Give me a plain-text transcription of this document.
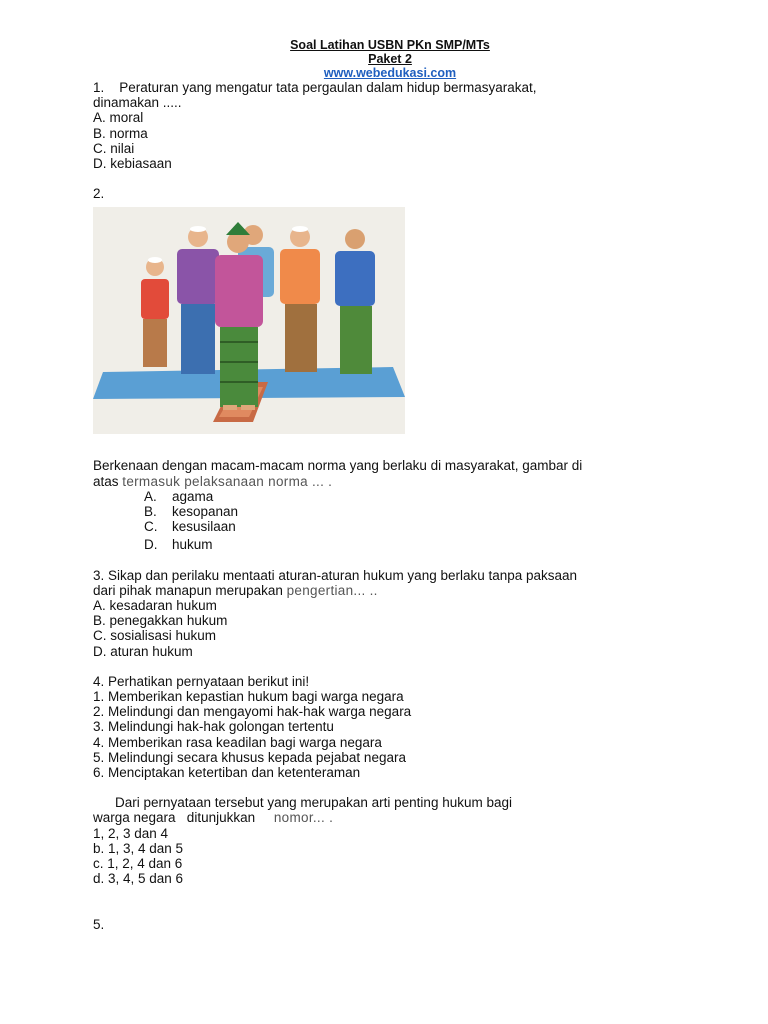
Soal Latihan USBN PKn SMP/MTs
Paket 2
www.webedukasi.com
1. Peraturan yang mengatur tata pergaulan dalam hidup bermasyarakat,
dinamakan .....
A. moral
B. norma
C. nilai
D. kebiasaan
2.
Berkenaan dengan macam-macam norma yang berlaku di masyarakat, gambar di
atas termasuk pelaksanaan norma ... .
A. agama
B. kesopanan
C. kesusilaan
D. hukum
3. Sikap dan perilaku mentaati aturan-aturan hukum yang berlaku tanpa paksaan
dari pihak manapun merupakan pengertian... ..
A. kesadaran hukum
B. penegakkan hukum
C. sosialisasi hukum
D. aturan hukum
4. Perhatikan pernyataan berikut ini!
1. Memberikan kepastian hukum bagi warga negara
2. Melindungi dan mengayomi hak-hak warga negara
3. Melindungi hak-hak golongan tertentu
4. Memberikan rasa keadilan bagi warga negara
5. Melindungi secara khusus kepada pejabat negara
6. Menciptakan ketertiban dan ketenteraman
Dari pernyataan tersebut yang merupakan arti penting hukum bagi
warga negara   ditunjukkan     nomor... .
1, 2, 3 dan 4
b. 1, 3, 4 dan 5
c. 1, 2, 4 dan 6
d. 3, 4, 5 dan 6
5.
